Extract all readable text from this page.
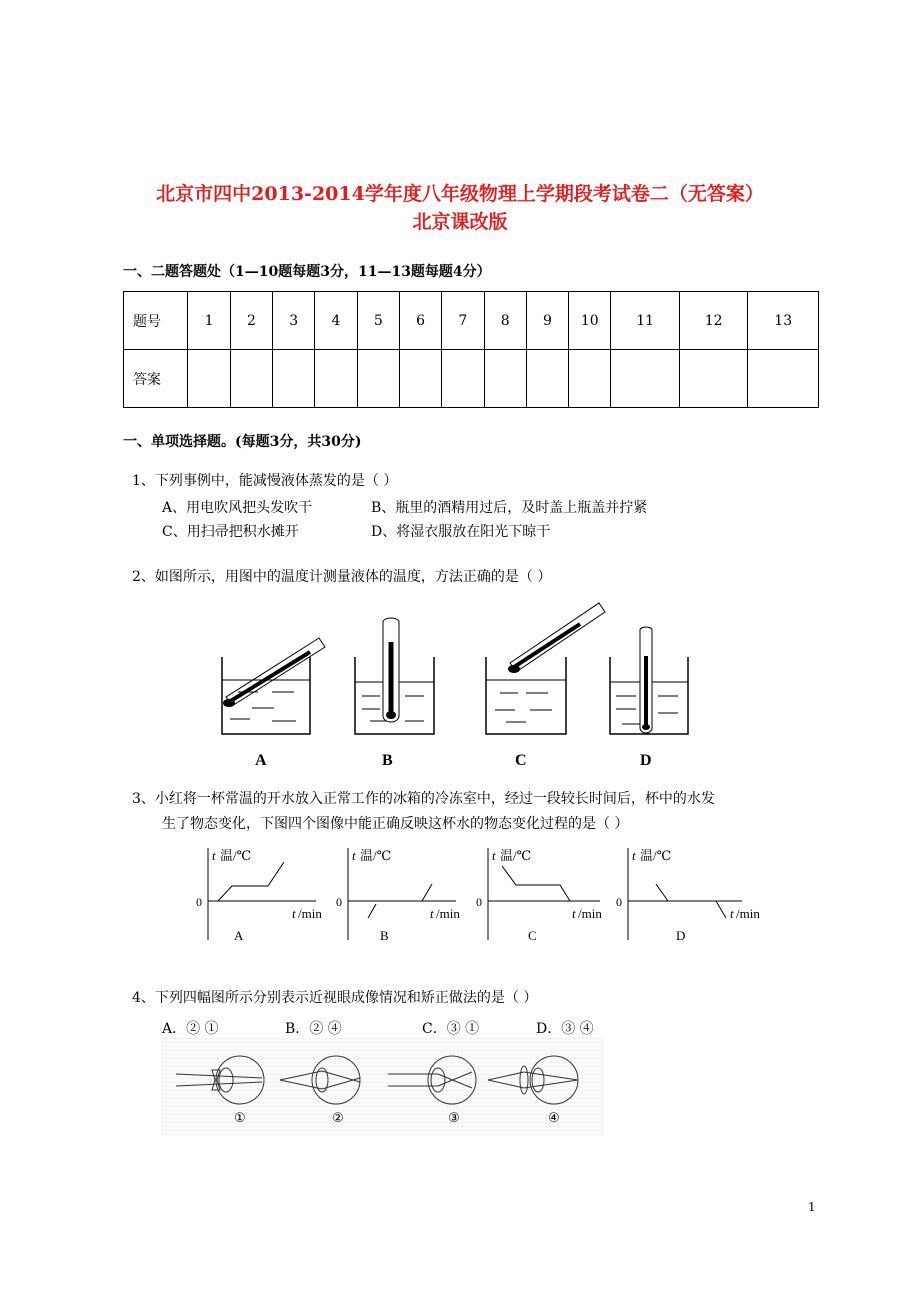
北京市四中2013-2014学年度八年级物理上学期段考试卷二（无答案）
北京课改版
一、二题答题处（1—10题每题3分，11—13题每题4分）
题号	1	2	3	4	5	6	7	8	9	10	11	12	13
答案													
一、单项选择题。(每题3分，共30分)
1、下列事例中，能减慢液体蒸发的是（ ）
A、用电吹风把头发吹干	B、瓶里的酒精用过后，及时盖上瓶盖并拧紧
C、用扫帚把积水摊开	D、将湿衣服放在阳光下晾干
2、如图所示，用图中的温度计测量液体的温度，方法正确的是（ ）
A	B	C	D
3、小红将一杯常温的开水放入正常工作的冰箱的冷冻室中，经过一段较长时间后，杯中的水发
生了物态变化，下图四个图像中能正确反映这杯水的物态变化过程的是（ ）
t 温/℃
0
t /min
A
t 温/℃
0
t /min
B
t 温/℃
0
t /min
C
t 温/℃
0
t /min
D
4、下列四幅图所示分别表示近视眼成像情况和矫正做法的是（ ）
A．② ①	B．② ④	C．③ ①	D．③ ④
①	②	③	④
1
